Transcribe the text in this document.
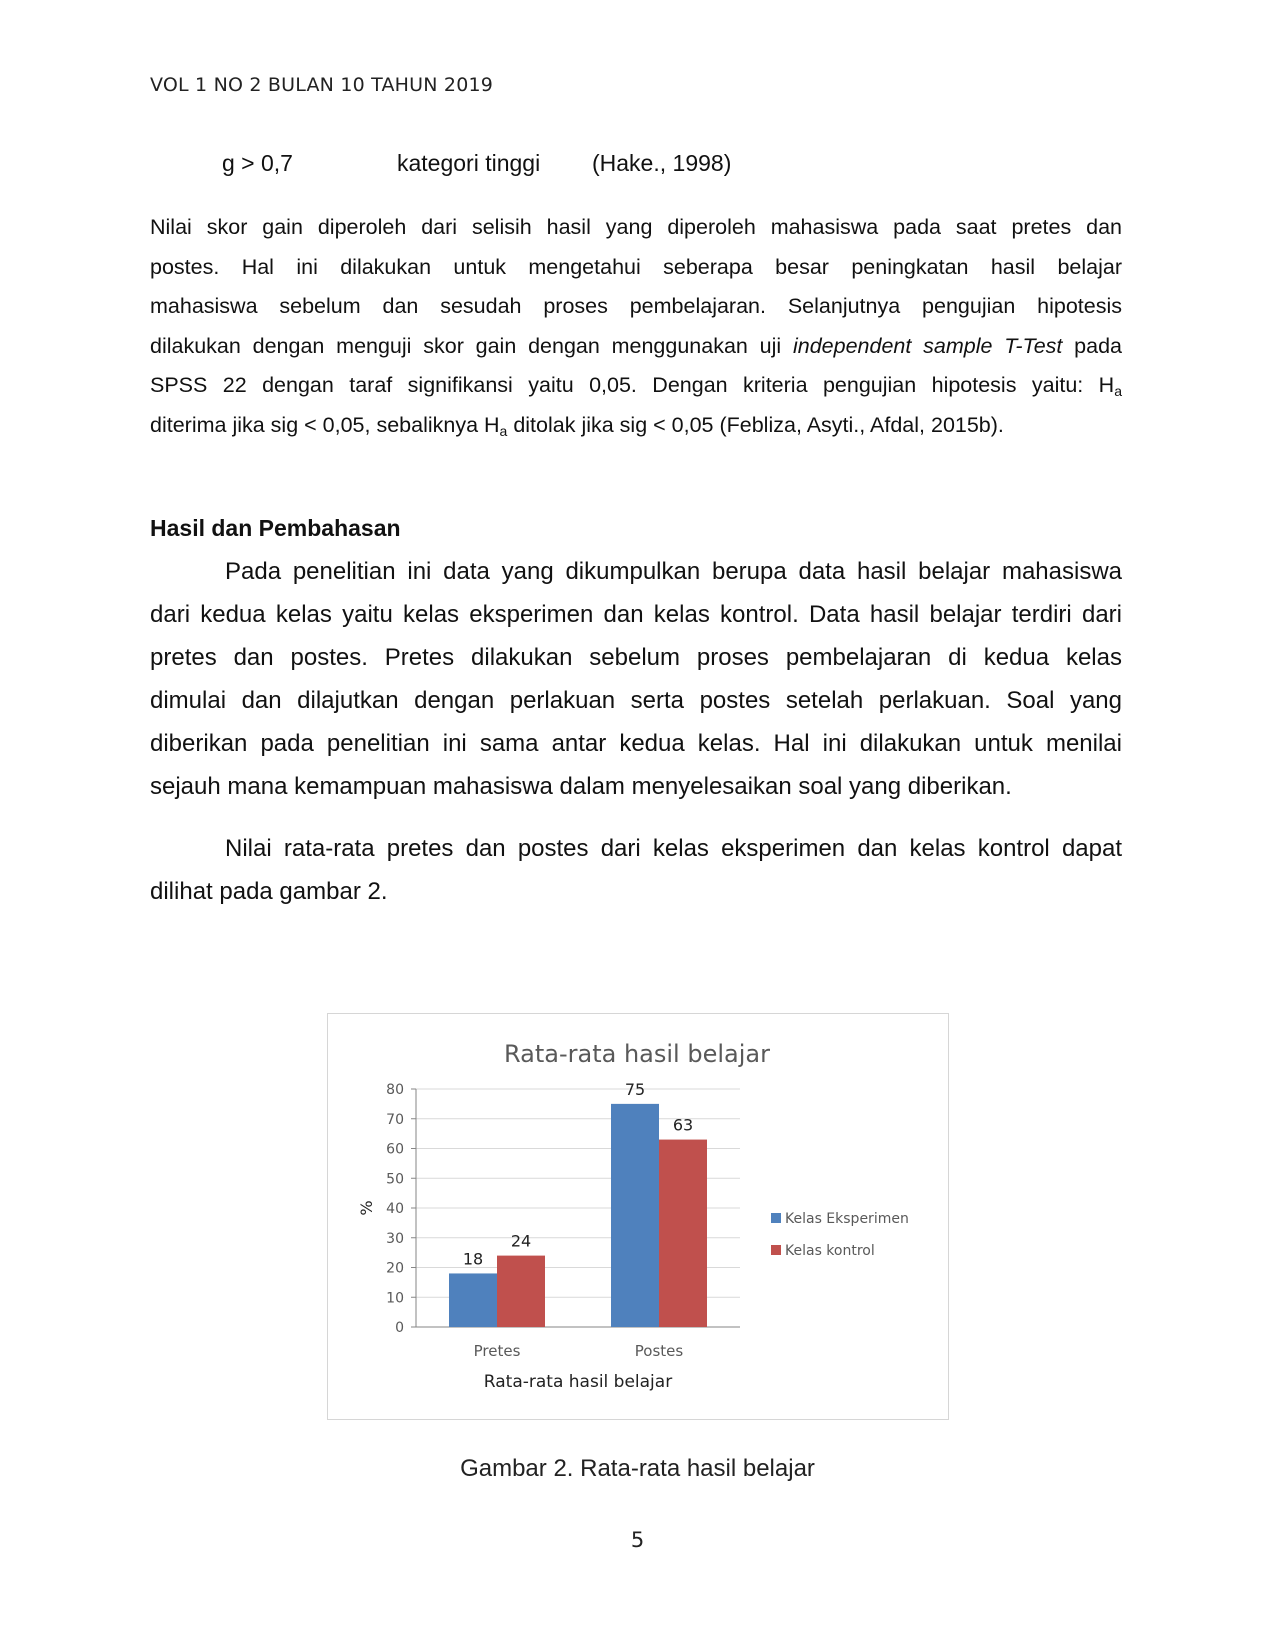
VOL 1 NO 2 BULAN 10 TAHUN 2019
g > 0,7	kategori tinggi (Hake., 1998)
Nilai skor gain diperoleh dari selisih hasil yang diperoleh mahasiswa pada saat pretes dan
postes. Hal ini dilakukan untuk mengetahui seberapa besar peningkatan hasil belajar
mahasiswa sebelum dan sesudah proses pembelajaran. Selanjutnya pengujian hipotesis
dilakukan dengan menguji skor gain dengan menggunakan uji independent sample T-Test pada
SPSS 22 dengan taraf signifikansi yaitu 0,05. Dengan kriteria pengujian hipotesis yaitu: $H_a$
diterima jika sig < 0,05, sebaliknya $H_a$ ditolak jika sig < 0,05 (Febliza, Asyti., Afdal, 2015b).
Hasil dan Pembahasan
Pada penelitian ini data yang dikumpulkan berupa data hasil belajar mahasiswa
dari kedua kelas yaitu kelas eksperimen dan kelas kontrol. Data hasil belajar terdiri dari
pretes dan postes. Pretes dilakukan sebelum proses pembelajaran di kedua kelas
dimulai dan dilajutkan dengan perlakuan serta postes setelah perlakuan. Soal yang
diberikan pada penelitian ini sama antar kedua kelas. Hal ini dilakukan untuk menilai
sejauh mana kemampuan mahasiswa dalam menyelesaikan soal yang diberikan.
Nilai rata-rata pretes dan postes dari kelas eksperimen dan kelas kontrol dapat
dilihat pada gambar 2.
Rata-rata hasil belajar
0
10
20
30
40
50
60
70
80
18
24
Pretes
75
63
Postes
Rata-rata hasil belajar
%
Kelas Eksperimen
Kelas kontrol
Gambar 2. Rata-rata hasil belajar
5
